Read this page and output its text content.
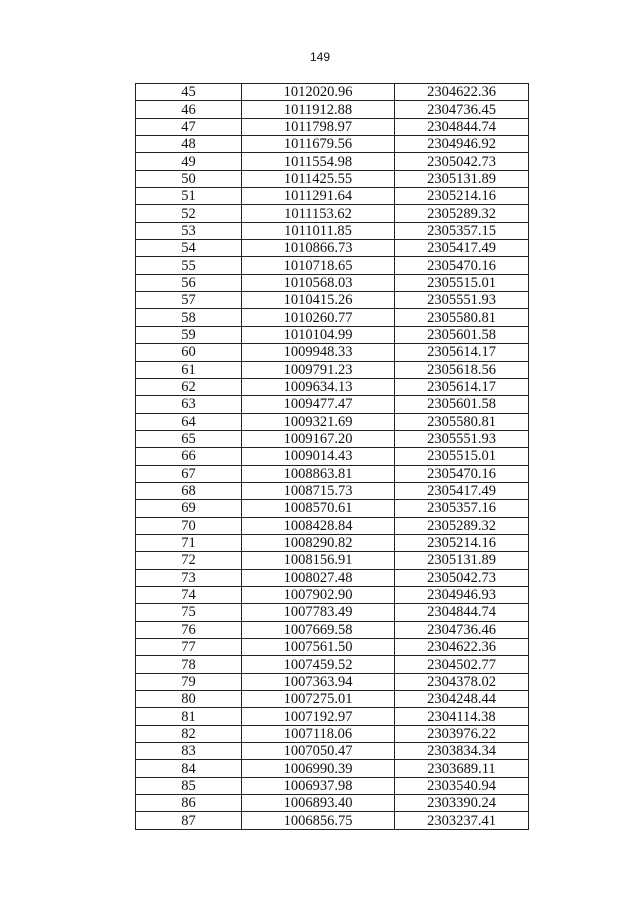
149
45	1012020.96	2304622.36
46	1011912.88	2304736.45
47	1011798.97	2304844.74
48	1011679.56	2304946.92
49	1011554.98	2305042.73
50	1011425.55	2305131.89
51	1011291.64	2305214.16
52	1011153.62	2305289.32
53	1011011.85	2305357.15
54	1010866.73	2305417.49
55	1010718.65	2305470.16
56	1010568.03	2305515.01
57	1010415.26	2305551.93
58	1010260.77	2305580.81
59	1010104.99	2305601.58
60	1009948.33	2305614.17
61	1009791.23	2305618.56
62	1009634.13	2305614.17
63	1009477.47	2305601.58
64	1009321.69	2305580.81
65	1009167.20	2305551.93
66	1009014.43	2305515.01
67	1008863.81	2305470.16
68	1008715.73	2305417.49
69	1008570.61	2305357.16
70	1008428.84	2305289.32
71	1008290.82	2305214.16
72	1008156.91	2305131.89
73	1008027.48	2305042.73
74	1007902.90	2304946.93
75	1007783.49	2304844.74
76	1007669.58	2304736.46
77	1007561.50	2304622.36
78	1007459.52	2304502.77
79	1007363.94	2304378.02
80	1007275.01	2304248.44
81	1007192.97	2304114.38
82	1007118.06	2303976.22
83	1007050.47	2303834.34
84	1006990.39	2303689.11
85	1006937.98	2303540.94
86	1006893.40	2303390.24
87	1006856.75	2303237.41
